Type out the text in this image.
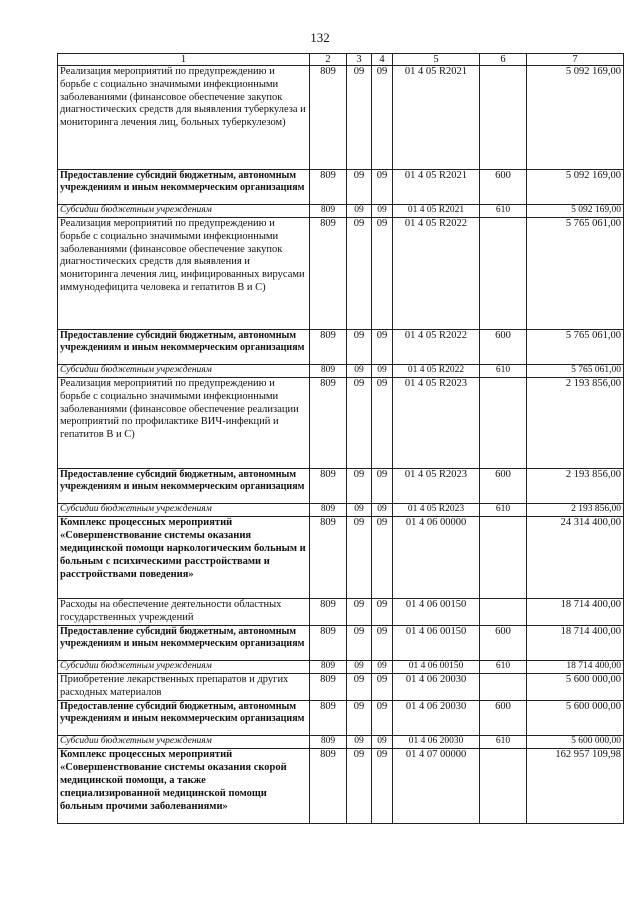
132
1	2	3	4	5	6	7
Реализация мероприятий по предупреждению и борьбе с социально значимыми инфекционными заболеваниями (финансовое обеспечение закупок диагностических средств для выявления туберкулеза и мониторинга лечения лиц, больных туберкулезом)	809	09	09	01 4 05 R2021		5 092 169,00
Предоставление субсидий бюджетным, автономным учреждениям и иным некоммерческим организациям	809	09	09	01 4 05 R2021	600	5 092 169,00
Субсидии бюджетным учреждениям	809	09	09	01 4 05 R2021	610	5 092 169,00
Реализация мероприятий по предупреждению и борьбе с социально значимыми инфекционными заболеваниями (финансовое обеспечение закупок диагностических средств для выявления и мониторинга лечения лиц, инфицированных вирусами иммунодефицита человека и гепатитов В и С)	809	09	09	01 4 05 R2022		5 765 061,00
Предоставление субсидий бюджетным, автономным учреждениям и иным некоммерческим организациям	809	09	09	01 4 05 R2022	600	5 765 061,00
Субсидии бюджетным учреждениям	809	09	09	01 4 05 R2022	610	5 765 061,00
Реализация мероприятий по предупреждению и борьбе с социально значимыми инфекционными заболеваниями (финансовое обеспечение реализации мероприятий по профилактике ВИЧ-инфекций и гепатитов В и С)	809	09	09	01 4 05 R2023		2 193 856,00
Предоставление субсидий бюджетным, автономным учреждениям и иным некоммерческим организациям	809	09	09	01 4 05 R2023	600	2 193 856,00
Субсидии бюджетным учреждениям	809	09	09	01 4 05 R2023	610	2 193 856,00
Комплекс процессных мероприятий «Совершенствование системы оказания медицинской помощи наркологическим больным и больным с психическими расстройствами и расстройствами поведения»	809	09	09	01 4 06 00000		24 314 400,00
Расходы на обеспечение деятельности областных государственных учреждений	809	09	09	01 4 06 00150		18 714 400,00
Предоставление субсидий бюджетным, автономным учреждениям и иным некоммерческим организациям	809	09	09	01 4 06 00150	600	18 714 400,00
Субсидии бюджетным учреждениям	809	09	09	01 4 06 00150	610	18 714 400,00
Приобретение лекарственных препаратов и других расходных материалов	809	09	09	01 4 06 20030		5 600 000,00
Предоставление субсидий бюджетным, автономным учреждениям и иным некоммерческим организациям	809	09	09	01 4 06 20030	600	5 600 000,00
Субсидии бюджетным учреждениям	809	09	09	01 4 06 20030	610	5 600 000,00
Комплекс процессных мероприятий «Совершенствование системы оказания скорой медицинской помощи, а также специализированной медицинской помощи больным прочими заболеваниями»	809	09	09	01 4 07 00000		162 957 109,98
